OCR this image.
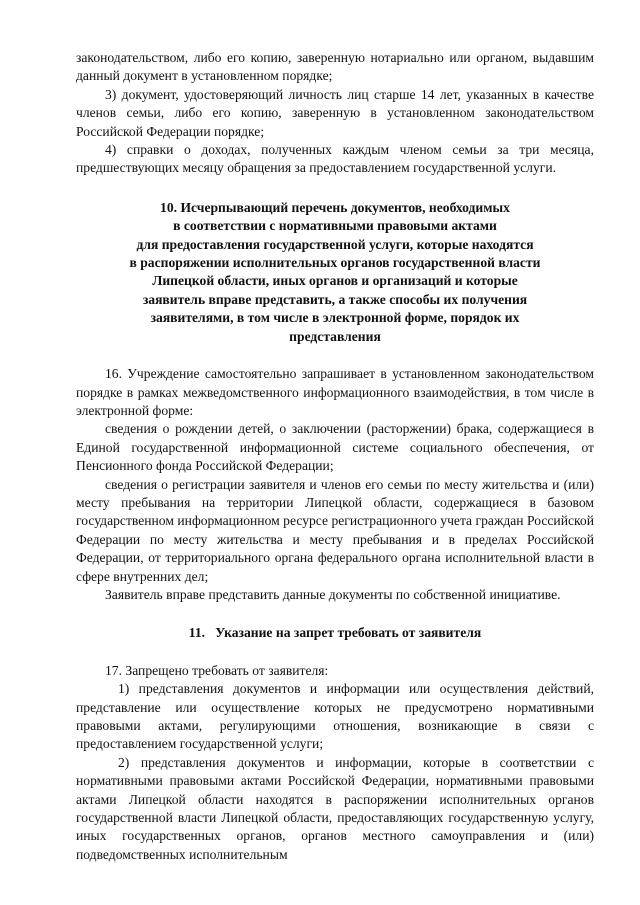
законодательством, либо его копию, заверенную нотариально или органом, выдавшим данный документ в установленном порядке;

3) документ, удостоверяющий личность лиц старше 14 лет, указанных в качестве членов семьи, либо его копию, заверенную в установленном законодательством Российской Федерации порядке;

4) справки о доходах, полученных каждым членом семьи за три месяца, предшествующих месяцу обращения за предоставлением государственной услуги.

10. Исчерпывающий перечень документов, необходимых

в соответствии с нормативными правовыми актами

для предоставления государственной услуги, которые находятся

в распоряжении исполнительных органов государственной власти

Липецкой области, иных органов и организаций и которые

заявитель вправе представить, а также способы их получения

заявителями, в том числе в электронной форме, порядок их

представления

16. Учреждение самостоятельно запрашивает в установленном законодательством порядке в рамках межведомственного информационного взаимодействия, в том числе в электронной форме:

сведения о рождении детей, о заключении (расторжении) брака, содержащиеся в Единой государственной информационной системе социального обеспечения, от Пенсионного фонда Российской Федерации;

сведения о регистрации заявителя и членов его семьи по месту жительства и (или) месту пребывания на территории Липецкой области, содержащиеся в базовом государственном информационном ресурсе регистрационного учета граждан Российской Федерации по месту жительства и месту пребывания и в пределах Российской Федерации, от территориального органа федерального органа исполнительной власти в сфере внутренних дел;

Заявитель вправе представить данные документы по собственной инициативе.

11.   Указание на запрет требовать от заявителя

17. Запрещено требовать от заявителя:

1) представления документов и информации или осуществления действий, представление или осуществление которых не предусмотрено нормативными правовыми актами, регулирующими отношения, возникающие в связи с предоставлением государственной услуги;

2) представления документов и информации, которые в соответствии с нормативными правовыми актами Российской Федерации, нормативными правовыми актами Липецкой области находятся в распоряжении исполнительных органов государственной власти Липецкой области, предоставляющих государственную услугу, иных государственных органов, органов местного самоуправления и (или) подведомственных исполнительным
